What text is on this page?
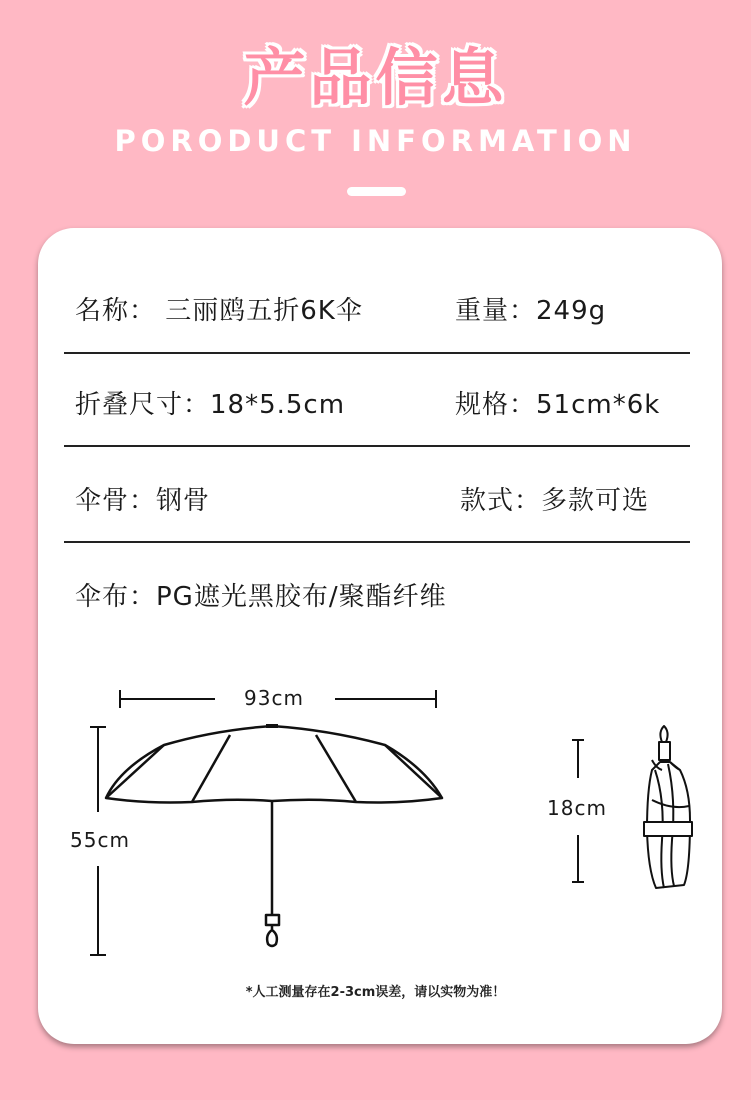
产品信息
PORODUCT INFORMATION
名称： 三丽鸥五折6K伞	重量：249g
折叠尺寸：18*5.5cm	规格：51cm*6k
伞骨：钢骨	款式：多款可选
伞布：PG遮光黑胶布/聚酯纤维
93cm
55cm
18cm
*人工测量存在2-3cm误差，请以实物为准！
